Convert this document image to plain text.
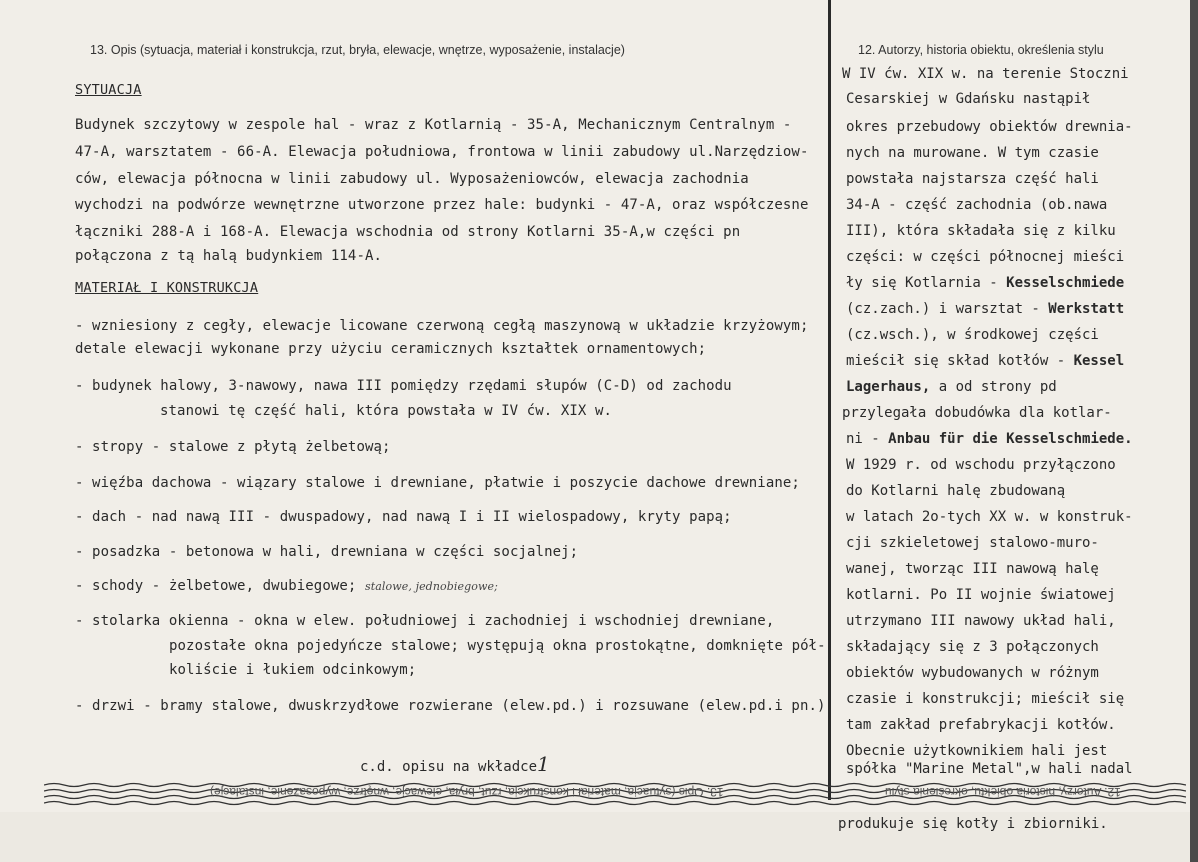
13. Opis (sytuacja, materiał i konstrukcja, rzut, bryła, elewacje, wnętrze, wyposażenie, instalacje)	12. Autorzy, historia obiektu, określenia stylu
SYTUACJA
Budynek szczytowy w zespole hal - wraz z Kotlarnią - 35-A, Mechanicznym Centralnym -
47-A, warsztatem - 66-A. Elewacja południowa, frontowa w linii zabudowy ul.Narzędziow-
ców, elewacja północna w linii zabudowy ul. Wyposażeniowców, elewacja zachodnia
wychodzi na podwórze wewnętrzne utworzone przez hale: budynki - 47-A, oraz współczesne
łączniki 288-A i 168-A. Elewacja wschodnia od strony Kotlarni 35-A,w części pn
połączona z tą halą budynkiem 114-A.
MATERIAŁ I KONSTRUKCJA
- wzniesiony z cegły, elewacje licowane czerwoną cegłą maszynową w układzie krzyżowym;
detale elewacji wykonane przy użyciu ceramicznych kształtek ornamentowych;
- budynek halowy, 3-nawowy, nawa III pomiędzy rzędami słupów (C-D) od zachodu
stanowi tę część hali, która powstała w IV ćw. XIX w.
- stropy - stalowe z płytą żelbetową;
- więźba dachowa - wiązary stalowe i drewniane, płatwie i poszycie dachowe drewniane;
- dach - nad nawą III - dwuspadowy, nad nawą I i II wielospadowy, kryty papą;
- posadzka - betonowa w hali, drewniana w części socjalnej;
- schody - żelbetowe, dwubiegowe; stalowe, jednobiegowe;
- stolarka okienna - okna w elew. południowej i zachodniej i wschodniej drewniane,
pozostałe okna pojedyńcze stalowe; występują okna prostokątne, domknięte pół-
koliście i łukiem odcinkowym;
- drzwi - bramy stalowe, dwuskrzydłowe rozwierane (elew.pd.) i rozsuwane (elew.pd.i pn.)
c.d. opisu na wkładce1
W IV ćw. XIX w. na terenie Stoczni
Cesarskiej w Gdańsku nastąpił
okres przebudowy obiektów drewnia-
nych na murowane. W tym czasie
powstała najstarsza część hali
34-A - część zachodnia (ob.nawa
III), która składała się z kilku
części: w części północnej mieści
ły się Kotlarnia - Kesselschmiede
(cz.zach.) i warsztat - Werkstatt
(cz.wsch.), w środkowej części
mieścił się skład kotłów - Kessel
Lagerhaus, a od strony pd
przylegała dobudówka dla kotlar-
ni - Anbau für die Kesselschmiede.
W 1929 r. od wschodu przyłączono
do Kotlarni halę zbudowaną
w latach 2o-tych XX w. w konstruk-
cji szkieletowej stalowo-muro-
wanej, tworząc III nawową halę
kotlarni. Po II wojnie światowej
utrzymano III nawowy układ hali,
składający się z 3 połączonych
obiektów wybudowanych w różnym
czasie i konstrukcji; mieścił się
tam zakład prefabrykacji kotłów.
Obecnie użytkownikiem hali jest
spółka "Marine Metal",w hali nadal
13. Opis (sytuacja, materiał i konstrukcja, rzut, bryła, elewacje, wnętrze, wyposażenie, instalacje)	12. Autorzy, historia obiektu, określenia stylu
produkuje się kotły i zbiorniki.
